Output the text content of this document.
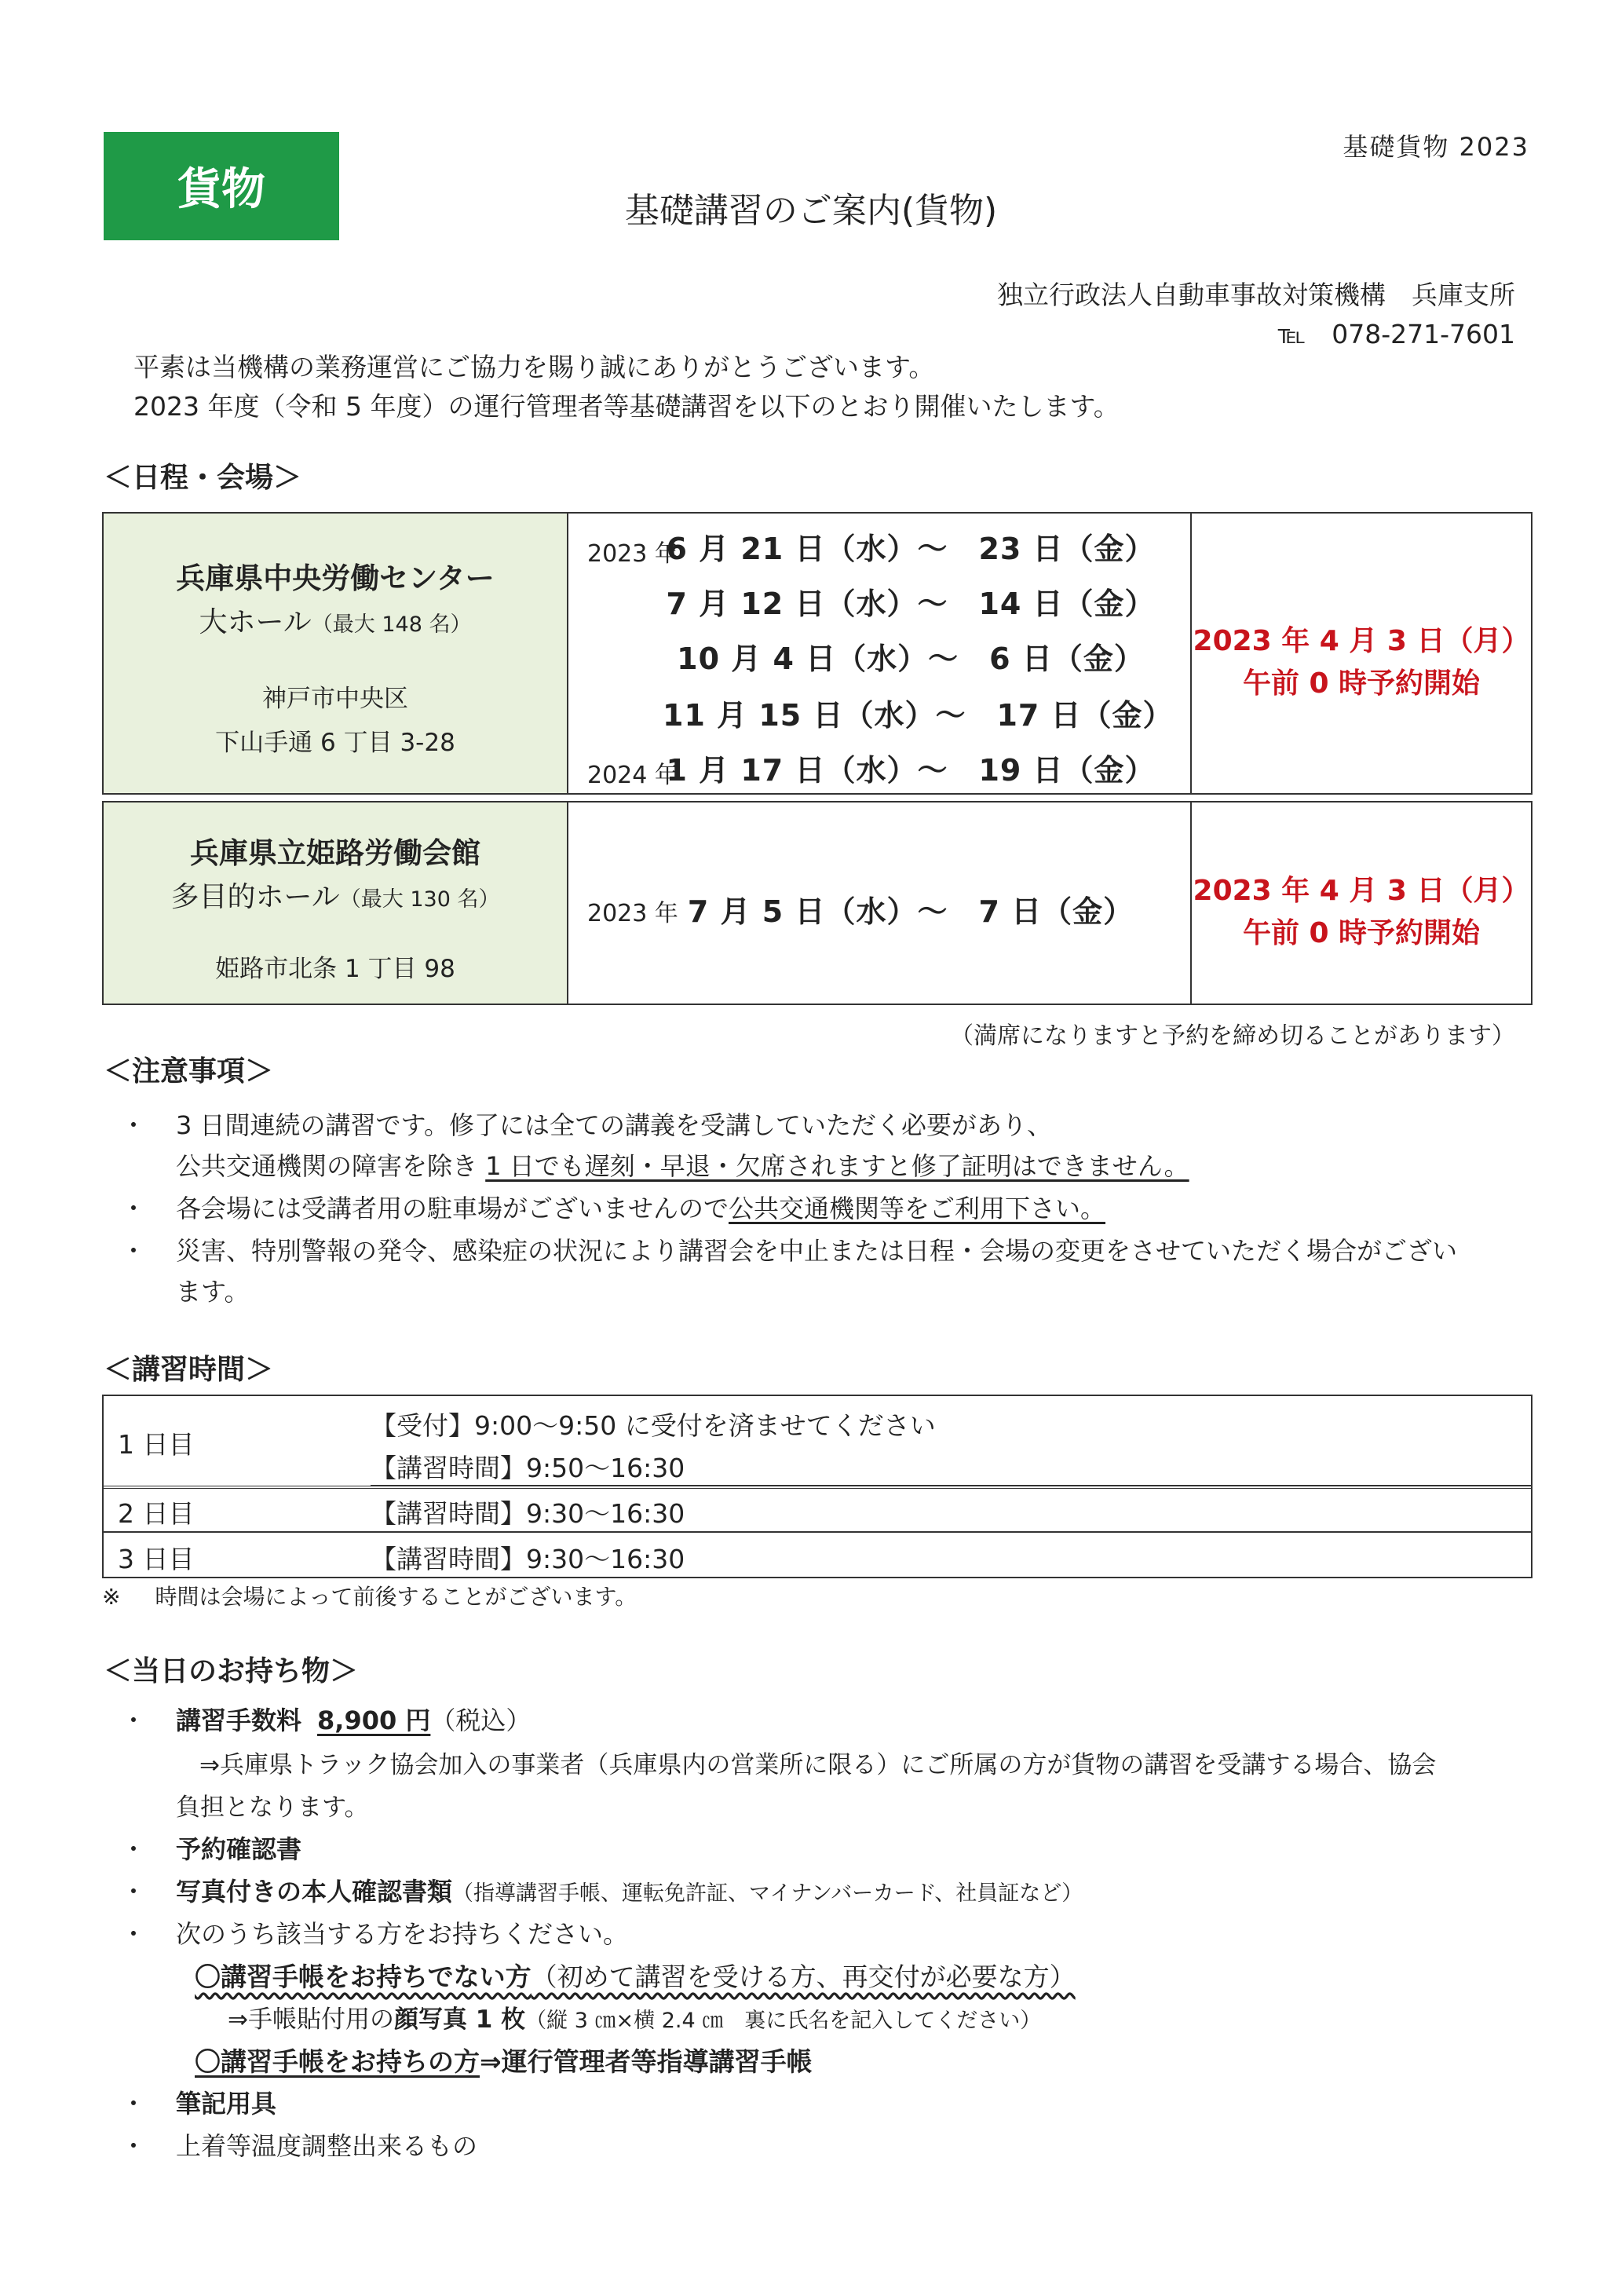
貨物
基礎貨物 2023
基礎講習のご案内(貨物)
独立行政法人自動車事故対策機構　兵庫支所
℡　078-271-7601
平素は当機構の業務運営にご協力を賜り誠にありがとうございます。
2023 年度（令和 5 年度）の運行管理者等基礎講習を以下のとおり開催いたします。
＜日程・会場＞
兵庫県中央労働センター
大ホール（最大 148 名）
神戸市中央区
下山手通 6 丁目 3-28
2023 年
6 月 21 日（水）～　23 日（金）
7 月 12 日（水）～　14 日（金）
10 月 4 日（水）～　6 日（金）
11 月 15 日（水）～　17 日（金）
2024 年
1 月 17 日（水）～　19 日（金）
2023 年 4 月 3 日（月）
午前 0 時予約開始
兵庫県立姫路労働会館
多目的ホール（最大 130 名）
姫路市北条 1 丁目 98
2023 年 7 月 5 日（水）～　7 日（金）
2023 年 4 月 3 日（月）
午前 0 時予約開始
（満席になりますと予約を締め切ることがあります）
＜注意事項＞
・ 3 日間連続の講習です。修了には全ての講義を受講していただく必要があり、
公共交通機関の障害を除き 1 日でも遅刻・早退・欠席されますと修了証明はできません。
・ 各会場には受講者用の駐車場がございませんので公共交通機関等をご利用下さい。
・ 災害、特別警報の発令、感染症の状況により講習会を中止または日程・会場の変更をさせていただく場合がござい
ます。
＜講習時間＞
1 日目
【受付】9:00～9:50 に受付を済ませてください
【講習時間】9:50～16:30
2 日目	【講習時間】9:30～16:30
3 日目	【講習時間】9:30～16:30
※ 時間は会場によって前後することがございます。
＜当日のお持ち物＞
・ 講習手数料 8,900 円（税込）
⇒兵庫県トラック協会加入の事業者（兵庫県内の営業所に限る）にご所属の方が貨物の講習を受講する場合、協会
負担となります。
・ 予約確認書
・ 写真付きの本人確認書類（指導講習手帳、運転免許証、マイナンバーカード、社員証など）
・ 次のうち該当する方をお持ちください。
〇講習手帳をお持ちでない方（初めて講習を受ける方、再交付が必要な方）
⇒手帳貼付用の顔写真 1 枚（縦 3 ㎝×横 2.4 ㎝　裏に氏名を記入してください）
〇講習手帳をお持ちの方⇒運行管理者等指導講習手帳
・ 筆記用具
・ 上着等温度調整出来るもの
